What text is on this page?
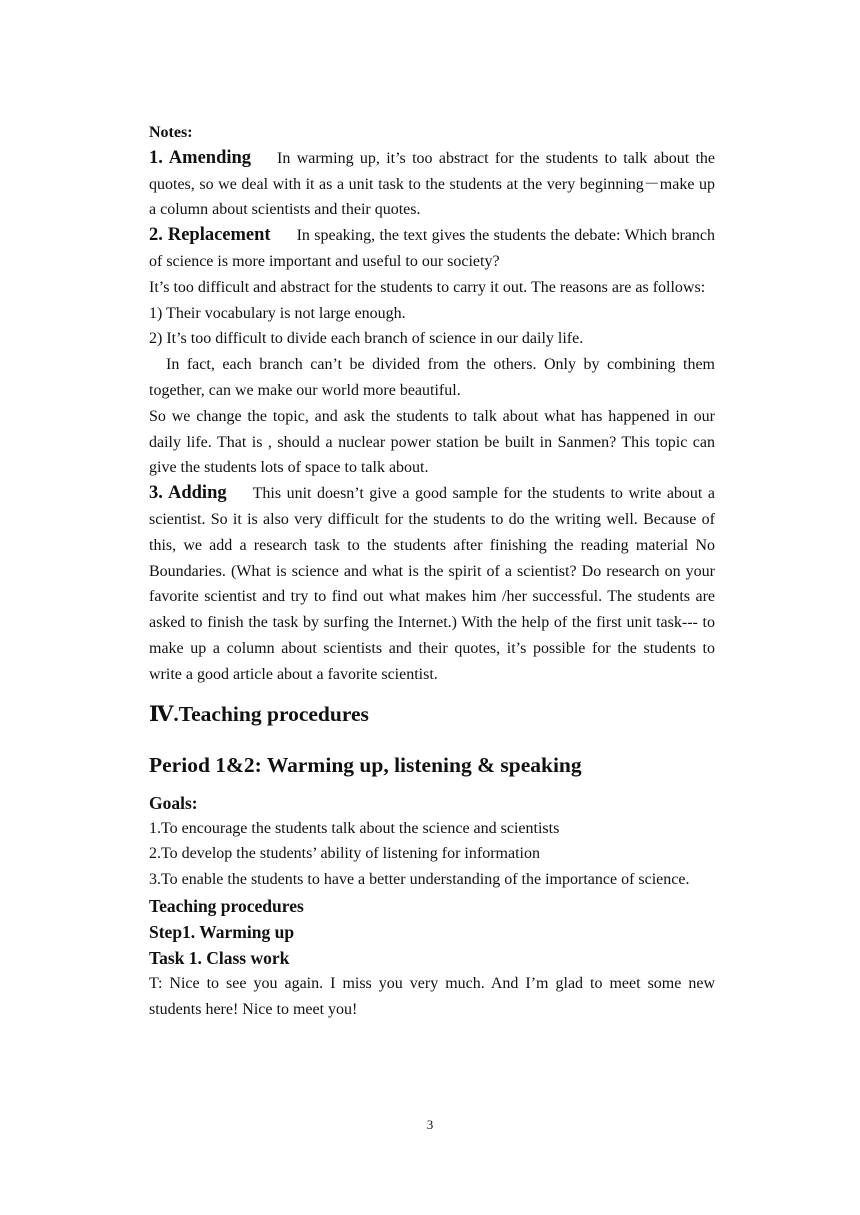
Notes:

1. Amending In warming up, it’s too abstract for the students to talk about the quotes, so we deal with it as a unit task to the students at the very beginning－make up a column about scientists and their quotes.

2. Replacement In speaking, the text gives the students the debate: Which branch of science is more important and useful to our society?

It’s too difficult and abstract for the students to carry it out. The reasons are as follows:

1) Their vocabulary is not large enough.

2) It’s too difficult to divide each branch of science in our daily life.

In fact, each branch can’t be divided from the others. Only by combining them together, can we make our world more beautiful.

So we change the topic, and ask the students to talk about what has happened in our daily life. That is , should a nuclear power station be built in Sanmen? This topic can give the students lots of space to talk about.

3. Adding This unit doesn’t give a good sample for the students to write about a scientist. So it is also very difficult for the students to do the writing well. Because of this, we add a research task to the students after finishing the reading material No Boundaries. (What is science and what is the spirit of a scientist? Do research on your favorite scientist and try to find out what makes him /her successful. The students are asked to finish the task by surfing the Internet.) With the help of the first unit task--- to make up a column about scientists and their quotes, it’s possible for the students to write a good article about a favorite scientist.

Ⅳ.Teaching procedures

Period 1&2: Warming up, listening & speaking

Goals:

1.To encourage the students talk about the science and scientists

2.To develop the students’ ability of listening for information

3.To enable the students to have a better understanding of the importance of science.

Teaching procedures

Step1. Warming up

Task 1. Class work

T: Nice to see you again. I miss you very much. And I’m glad to meet some new students here! Nice to meet you!

3
